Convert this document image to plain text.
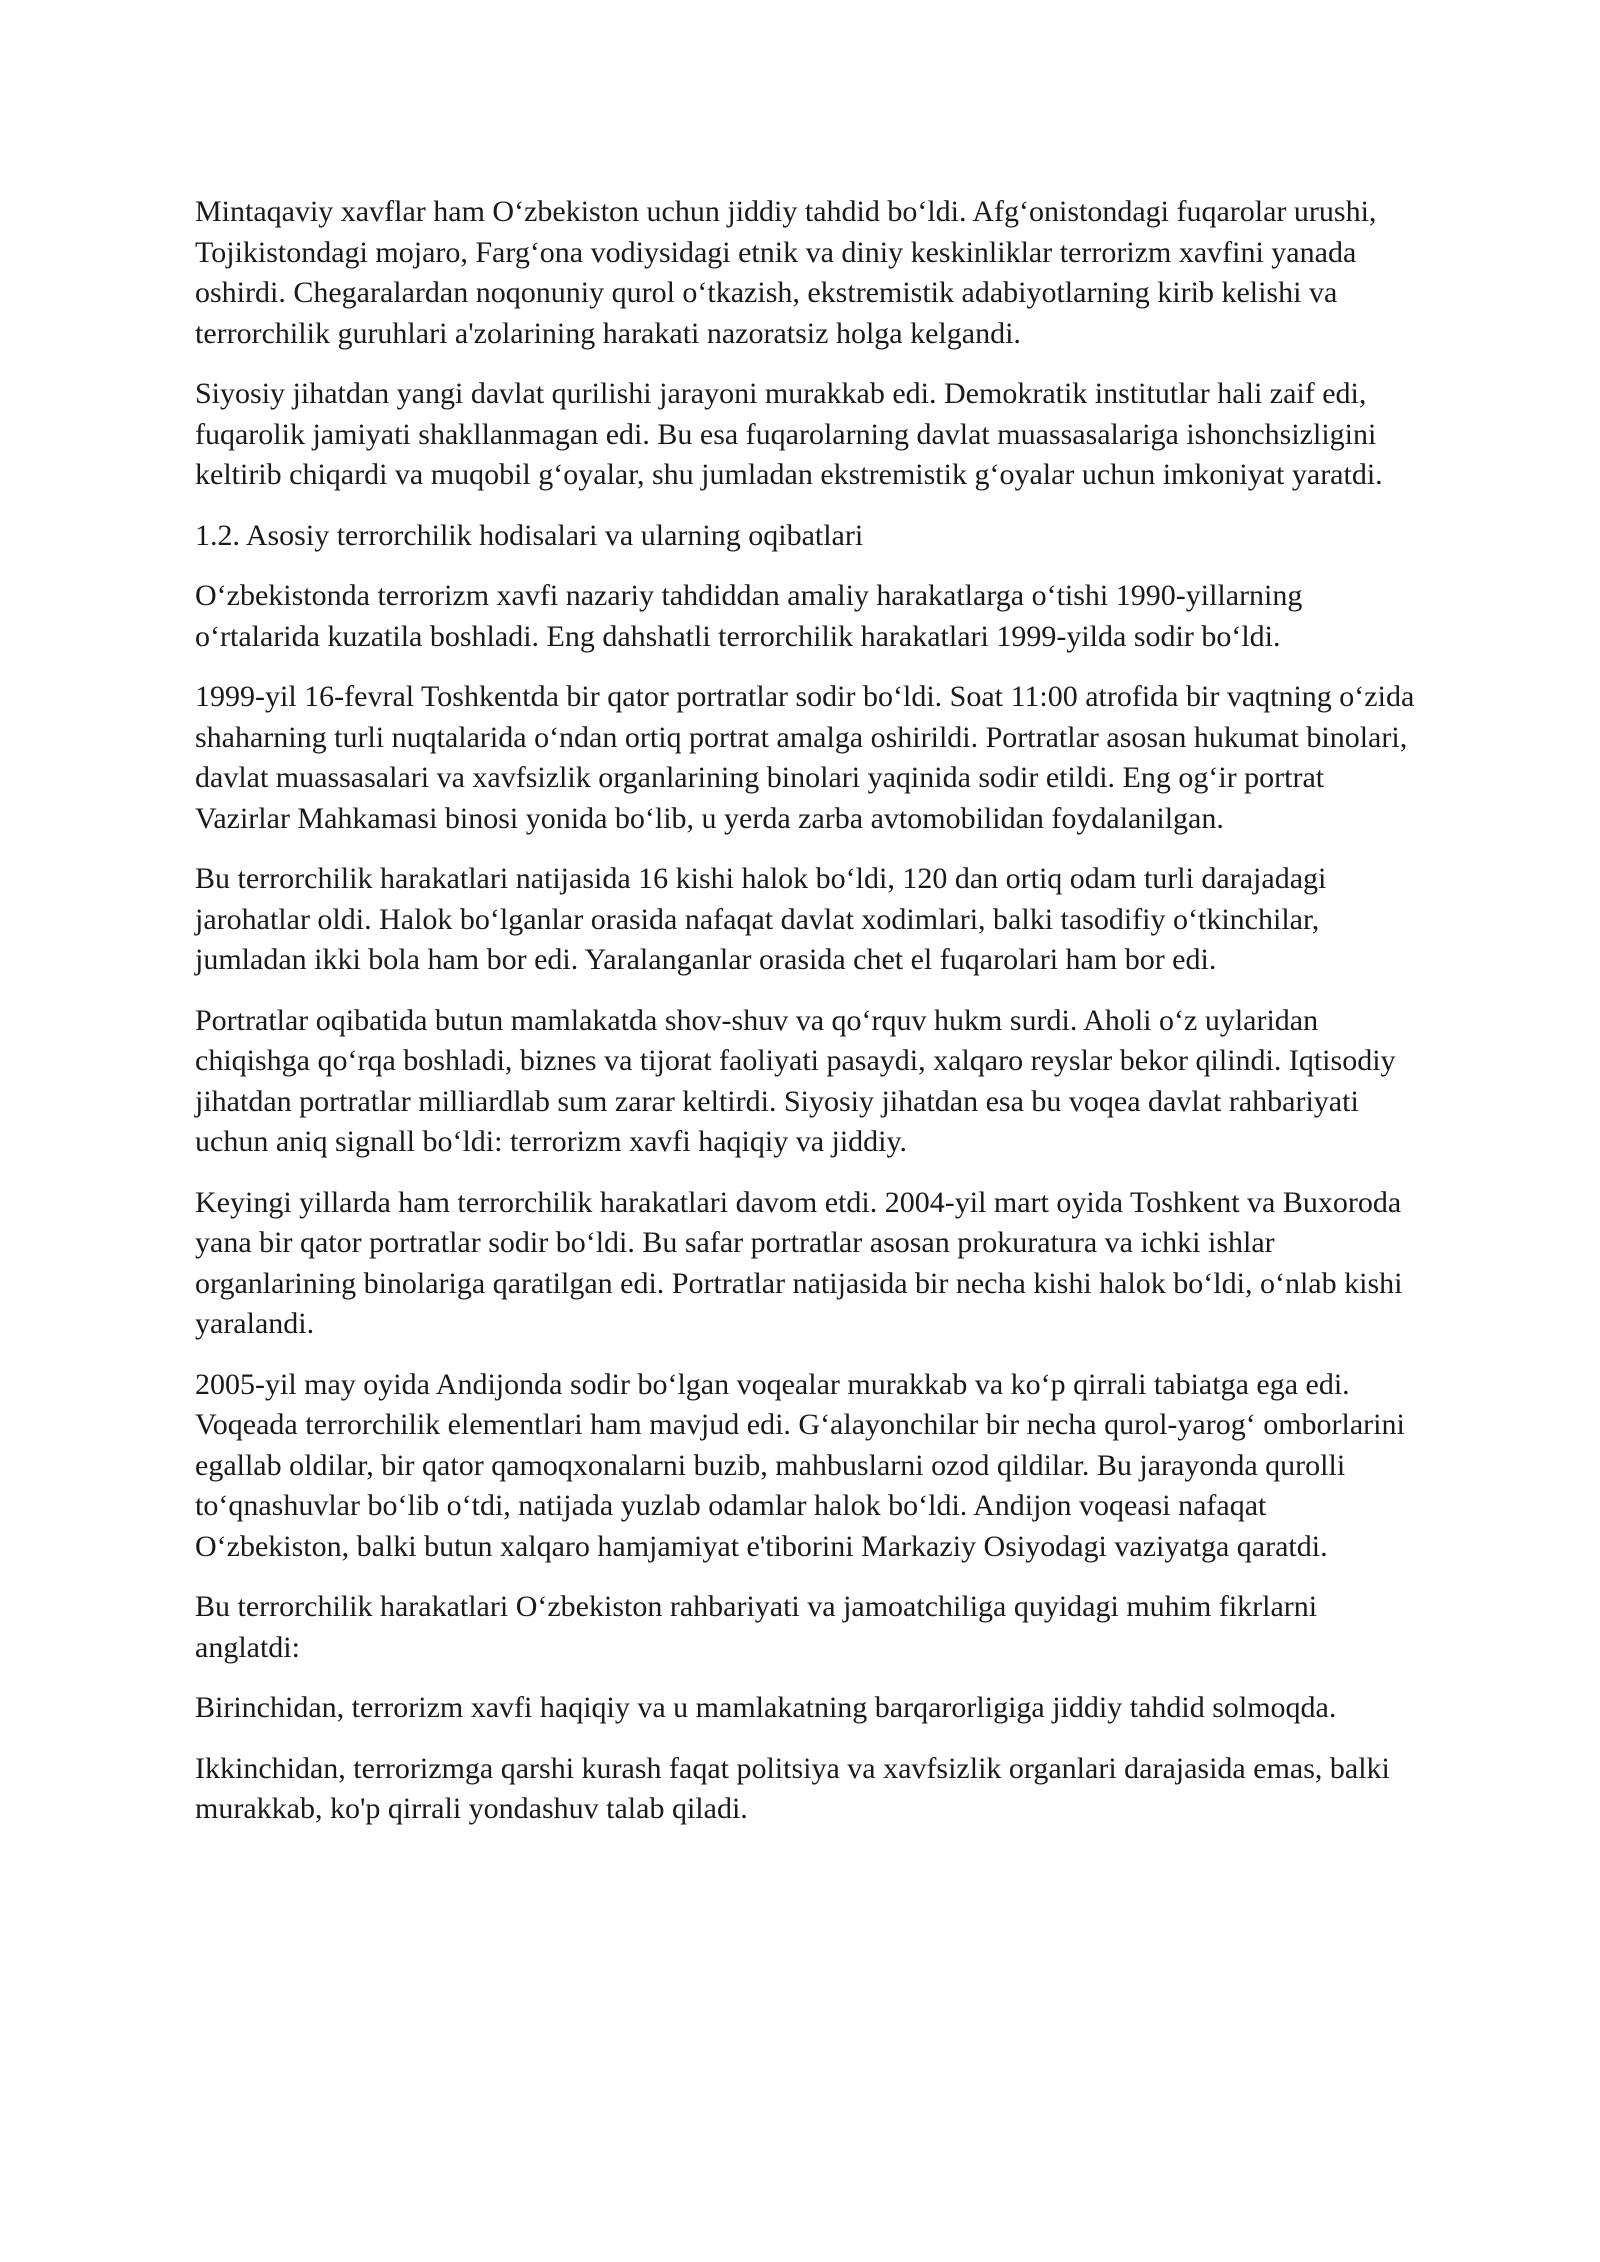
Mintaqaviy xavflar ham O‘zbekiston uchun jiddiy tahdid bo‘ldi. Afg‘onistondagi fuqarolar urushi, Tojikistondagi mojaro, Farg‘ona vodiysidagi etnik va diniy keskinliklar terrorizm xavfini yanada oshirdi. Chegaralardan noqonuniy qurol o‘tkazish, ekstremistik adabiyotlarning kirib kelishi va terrorchilik guruhlari a'zolarining harakati nazoratsiz holga kelgandi.

Siyosiy jihatdan yangi davlat qurilishi jarayoni murakkab edi. Demokratik institutlar hali zaif edi, fuqarolik jamiyati shakllanmagan edi. Bu esa fuqarolarning davlat muassasalariga ishonchsizligini keltirib chiqardi va muqobil g‘oyalar, shu jumladan ekstremistik g‘oyalar uchun imkoniyat yaratdi.

1.2. Asosiy terrorchilik hodisalari va ularning oqibatlari

O‘zbekistonda terrorizm xavfi nazariy tahdiddan amaliy harakatlarga o‘tishi 1990-yillarning o‘rtalarida kuzatila boshladi. Eng dahshatli terrorchilik harakatlari 1999-yilda sodir bo‘ldi.

1999-yil 16-fevral Toshkentda bir qator portratlar sodir bo‘ldi. Soat 11:00 atrofida bir vaqtning o‘zida shaharning turli nuqtalarida o‘ndan ortiq portrat amalga oshirildi. Portratlar asosan hukumat binolari, davlat muassasalari va xavfsizlik organlarining binolari yaqinida sodir etildi. Eng og‘ir portrat Vazirlar Mahkamasi binosi yonida bo‘lib, u yerda zarba avtomobilidan foydalanilgan.

Bu terrorchilik harakatlari natijasida 16 kishi halok bo‘ldi, 120 dan ortiq odam turli darajadagi jarohatlar oldi. Halok bo‘lganlar orasida nafaqat davlat xodimlari, balki tasodifiy o‘tkinchilar, jumladan ikki bola ham bor edi. Yaralanganlar orasida chet el fuqarolari ham bor edi.

Portratlar oqibatida butun mamlakatda shov-shuv va qo‘rquv hukm surdi. Aholi o‘z uylaridan chiqishga qo‘rqa boshladi, biznes va tijorat faoliyati pasaydi, xalqaro reyslar bekor qilindi. Iqtisodiy jihatdan portratlar milliardlab sum zarar keltirdi. Siyosiy jihatdan esa bu voqea davlat rahbariyati uchun aniq signall bo‘ldi: terrorizm xavfi haqiqiy va jiddiy.

Keyingi yillarda ham terrorchilik harakatlari davom etdi. 2004-yil mart oyida Toshkent va Buxoroda yana bir qator portratlar sodir bo‘ldi. Bu safar portratlar asosan prokuratura va ichki ishlar organlarining binolariga qaratilgan edi. Portratlar natijasida bir necha kishi halok bo‘ldi, o‘nlab kishi yaralandi.

2005-yil may oyida Andijonda sodir bo‘lgan voqealar murakkab va ko‘p qirrali tabiatga ega edi. Voqeada terrorchilik elementlari ham mavjud edi. G‘alayonchilar bir necha qurol-yarog‘ omborlarini egallab oldilar, bir qator qamoqxonalarni buzib, mahbuslarni ozod qildilar. Bu jarayonda qurolli to‘qnashuvlar bo‘lib o‘tdi, natijada yuzlab odamlar halok bo‘ldi. Andijon voqeasi nafaqat O‘zbekiston, balki butun xalqaro hamjamiyat e'tiborini Markaziy Osiyodagi vaziyatga qaratdi.

Bu terrorchilik harakatlari O‘zbekiston rahbariyati va jamoatchiliga quyidagi muhim fikrlarni anglatdi:

Birinchidan, terrorizm xavfi haqiqiy va u mamlakatning barqarorligiga jiddiy tahdid solmoqda.

Ikkinchidan, terrorizmga qarshi kurash faqat politsiya va xavfsizlik organlari darajasida emas, balki murakkab, ko'p qirrali yondashuv talab qiladi.
